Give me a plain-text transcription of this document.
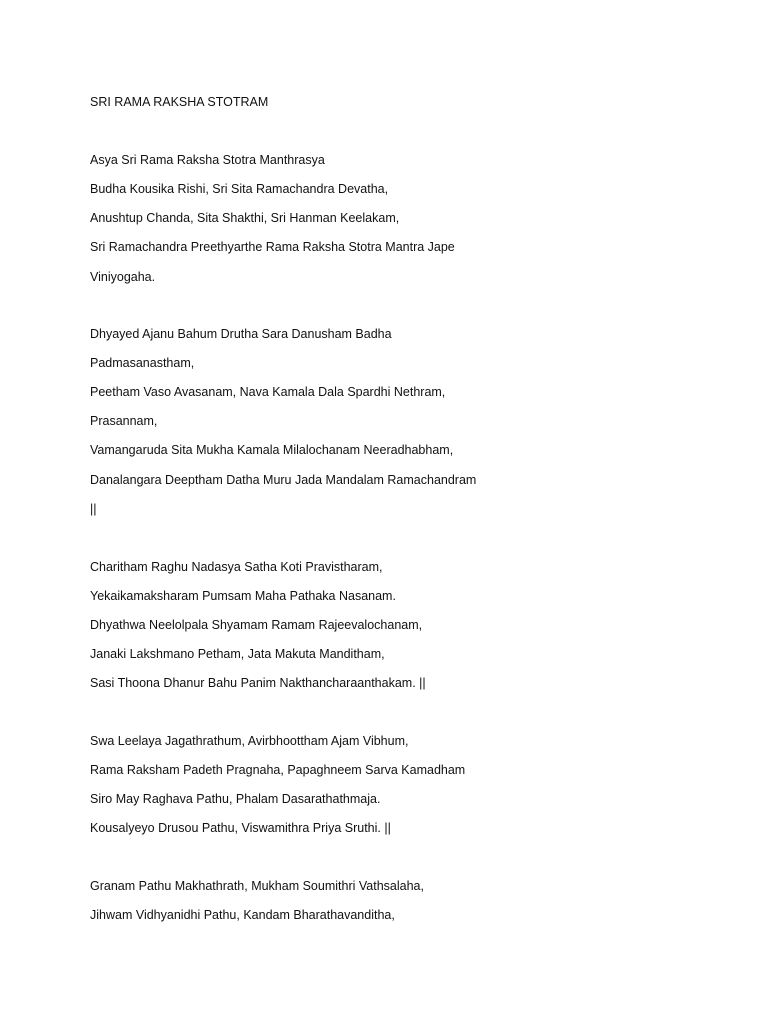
SRI RAMA RAKSHA STOTRAM
Asya Sri Rama Raksha Stotra Manthrasya
Budha Kousika Rishi, Sri Sita Ramachandra Devatha,
Anushtup Chanda, Sita Shakthi, Sri Hanman Keelakam,
Sri Ramachandra Preethyarthe Rama Raksha Stotra Mantra Jape
Viniyogaha.
Dhyayed Ajanu Bahum Drutha Sara Danusham Badha
Padmasanastham,
Peetham Vaso Avasanam, Nava Kamala Dala Spardhi Nethram,
Prasannam,
Vamangaruda Sita Mukha Kamala Milalochanam Neeradhabham,
Danalangara Deeptham Datha Muru Jada Mandalam Ramachandram
||
Charitham Raghu Nadasya Satha Koti Pravistharam,
Yekaikamaksharam Pumsam Maha Pathaka Nasanam.
Dhyathwa Neelolpala Shyamam Ramam Rajeevalochanam,
Janaki Lakshmano Petham, Jata Makuta Manditham,
Sasi Thoona Dhanur Bahu Panim Nakthancharaanthakam. ||
Swa Leelaya Jagathrathum, Avirbhoottham Ajam Vibhum,
Rama Raksham Padeth Pragnaha, Papaghneem Sarva Kamadham
Siro May Raghava Pathu, Phalam Dasarathathmaja.
Kousalyeyo Drusou Pathu, Viswamithra Priya Sruthi. ||
Granam Pathu Makhathrath, Mukham Soumithri Vathsalaha,
Jihwam Vidhyanidhi Pathu, Kandam Bharathavanditha,
